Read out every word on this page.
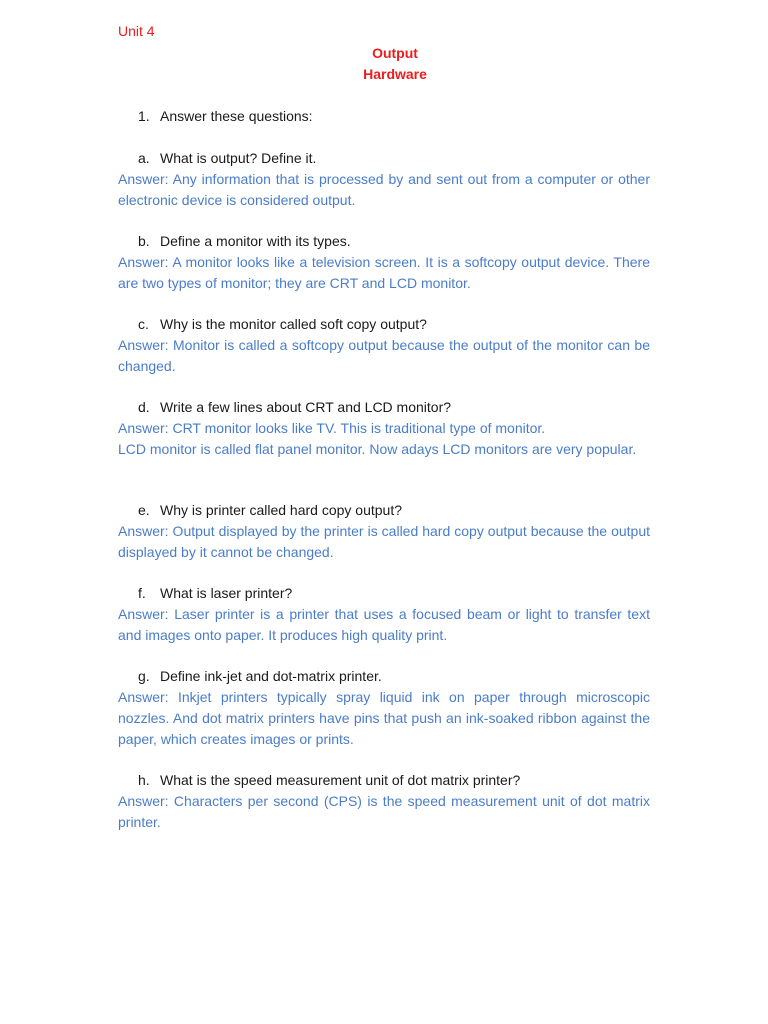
Unit 4

Output

Hardware

1. Answer these questions:

a. What is output? Define it.

Answer: Any information that is processed by and sent out from a computer or other electronic device is considered output.

b. Define a monitor with its types.

Answer: A monitor looks like a television screen. It is a softcopy output device. There are two types of monitor; they are CRT and LCD monitor.

c. Why is the monitor called soft copy output?

Answer: Monitor is called a softcopy output because the output of the monitor can be changed.

d. Write a few lines about CRT and LCD monitor?

Answer: CRT monitor looks like TV. This is traditional type of monitor.

LCD monitor is called flat panel monitor. Now adays LCD monitors are very popular.

e. Why is printer called hard copy output?

Answer: Output displayed by the printer is called hard copy output because the output displayed by it cannot be changed.

f. What is laser printer?

Answer: Laser printer is a printer that uses a focused beam or light to transfer text and images onto paper. It produces high quality print.

g. Define ink-jet and dot-matrix printer.

Answer: Inkjet printers typically spray liquid ink on paper through microscopic nozzles. And dot matrix printers have pins that push an ink-soaked ribbon against the paper, which creates images or prints.

h. What is the speed measurement unit of dot matrix printer?

Answer: Characters per second (CPS) is the speed measurement unit of dot matrix printer.
